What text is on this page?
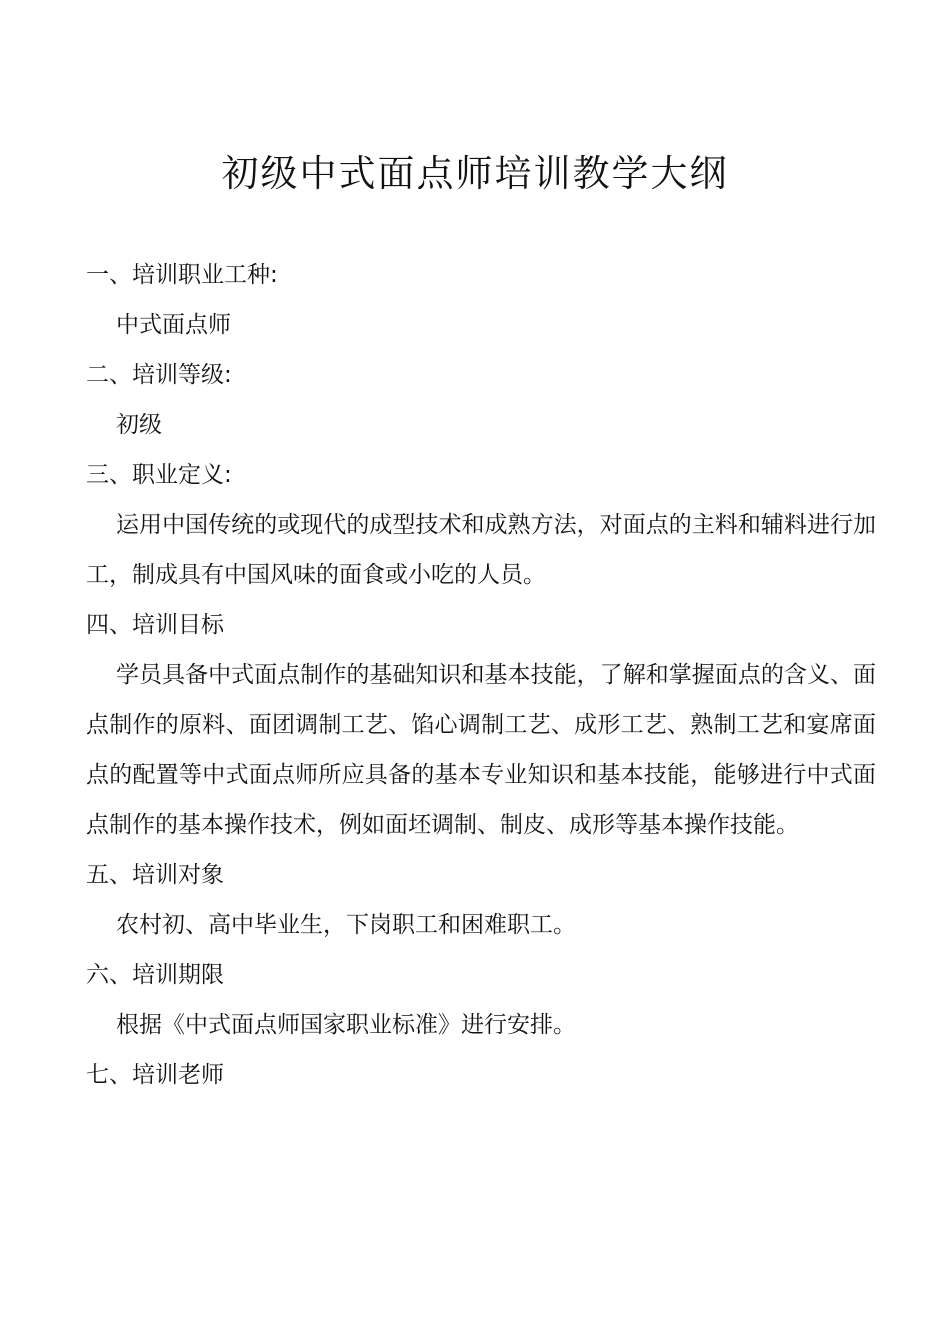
初级中式面点师培训教学大纲
一、培训职业工种:

中式面点师

二、培训等级:

初级

三、职业定义:

运用中国传统的或现代的成型技术和成熟方法，对面点的主料和辅料进行加工，制成具有中国风味的面食或小吃的人员。

四、培训目标

学员具备中式面点制作的基础知识和基本技能，了解和掌握面点的含义、面点制作的原料、面团调制工艺、馅心调制工艺、成形工艺、熟制工艺和宴席面点的配置等中式面点师所应具备的基本专业知识和基本技能，能够进行中式面点制作的基本操作技术，例如面坯调制、制皮、成形等基本操作技能。

五、培训对象

农村初、高中毕业生，下岗职工和困难职工。

六、培训期限

根据《中式面点师国家职业标准》进行安排。

七、培训老师
